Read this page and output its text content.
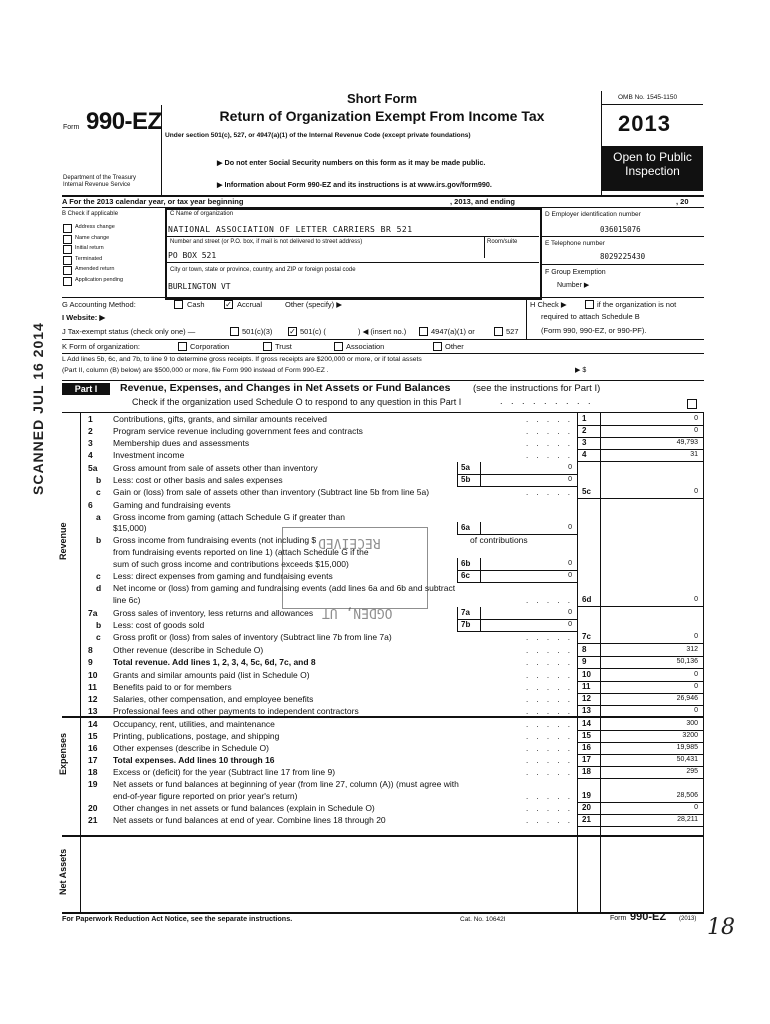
Form 990-EZ
Department of the Treasury
Internal Revenue Service
Short Form
Return of Organization Exempt From Income Tax
Under section 501(c), 527, or 4947(a)(1) of the Internal Revenue Code (except private foundations)
▶ Do not enter Social Security numbers on this form as it may be made public.
▶ Information about Form 990-EZ and its instructions is at www.irs.gov/form990.
OMB No. 1545-1150
2013
Open to Public
Inspection
A For the 2013 calendar year, or tax year beginning	, 2013, and ending	, 20
B Check if applicable
Address change
Name change
Initial return
Terminated
Amended return
Application pending
C Name of organization
NATIONAL ASSOCIATION OF LETTER CARRIERS BR 521
Number and street (or P.O. box, if mail is not delivered to street address)	Room/suite
PO BOX 521
City or town, state or province, country, and ZIP or foreign postal code
BURLINGTON VT
D Employer identification number
036015076
E Telephone number
8029225430
F Group Exemption
Number ▶
G Accounting Method:	Cash	✓ Accrual	Other (specify) ▶	H Check ▶	if the organization is not
required to attach Schedule B
(Form 990, 990-EZ, or 990-PF).
I Website: ▶
J Tax-exempt status (check only one) —	501(c)(3) ✓ 501(c) (	) ◀ (insert no.)	4947(a)(1) or	527
K Form of organization:	Corporation	Trust	Association	Other
L Add lines 5b, 6c, and 7b, to line 9 to determine gross receipts. If gross receipts are $200,000 or more, or if total assets
(Part II, column (B) below) are $500,000 or more, file Form 990 instead of Form 990-EZ .	▶ $
Part I	Revenue, Expenses, and Changes in Net Assets or Fund Balances (see the instructions for Part I)
Check if the organization used Schedule O to respond to any question in this Part I	. . . . . . . . .
Revenue
Expenses
Net Assets
1 Contributions, gifts, grants, and similar amounts received	1	0
. . . . .
2 Program service revenue including government fees and contracts	2	0
. . . . .
3 Membership dues and assessments	3	49,793
. . . . .
4 Investment income	4	31
. . . . .
5a Gross amount from sale of assets other than inventory	5a	0
b Less: cost or other basis and sales expenses	5b	0
c Gain or (loss) from sale of assets other than inventory (Subtract line 5b from line 5a)	5c	0
. . . . .
6 Gaming and fundraising events
a Gross income from gaming (attach Schedule G if greater than
$15,000)	6a	0
b Gross income from fundraising events (not including $	of contributions
from fundraising events reported on line 1) (attach Schedule G if the
sum of such gross income and contributions exceeds $15,000)	6b	0
c Less: direct expenses from gaming and fundraising events	6c	0
d Net income or (loss) from gaming and fundraising events (add lines 6a and 6b and subtract
line 6c)	6d	0
. . . . .
7a Gross sales of inventory, less returns and allowances	7a	0
b Less: cost of goods sold	7b	0
c Gross profit or (loss) from sales of inventory (Subtract line 7b from line 7a)	7c	0
. . . . .
8 Other revenue (describe in Schedule O)	8	312
. . . . .
9 Total revenue. Add lines 1, 2, 3, 4, 5c, 6d, 7c, and 8	9	50,136
. . . . .
10 Grants and similar amounts paid (list in Schedule O)	10	0
. . . . .
11 Benefits paid to or for members	11	0
. . . . .
12 Salaries, other compensation, and employee benefits	12	26,946
. . . . .
13 Professional fees and other payments to independent contractors	13	0
. . . . .
14 Occupancy, rent, utilities, and maintenance	14	300
. . . . .
15 Printing, publications, postage, and shipping	15	3200
. . . . .
16 Other expenses (describe in Schedule O)	16	19,985
. . . . .
17 Total expenses. Add lines 10 through 16	17	50,431
. . . . .
18 Excess or (deficit) for the year (Subtract line 17 from line 9)	18	295
. . . . .
19 Net assets or fund balances at beginning of year (from line 27, column (A)) (must agree with
end-of-year figure reported on prior year's return)	19	28,506
. . . . .
20 Other changes in net assets or fund balances (explain in Schedule O)	20	0
. . . . .
21 Net assets or fund balances at end of year. Combine lines 18 through 20	21	28,211
. . . . .
For Paperwork Reduction Act Notice, see the separate instructions.	Cat. No. 10642I	Form 990-EZ (2013) 18
SCANNED JUL 16 2014
RECEIVED
OGDEN, UT
